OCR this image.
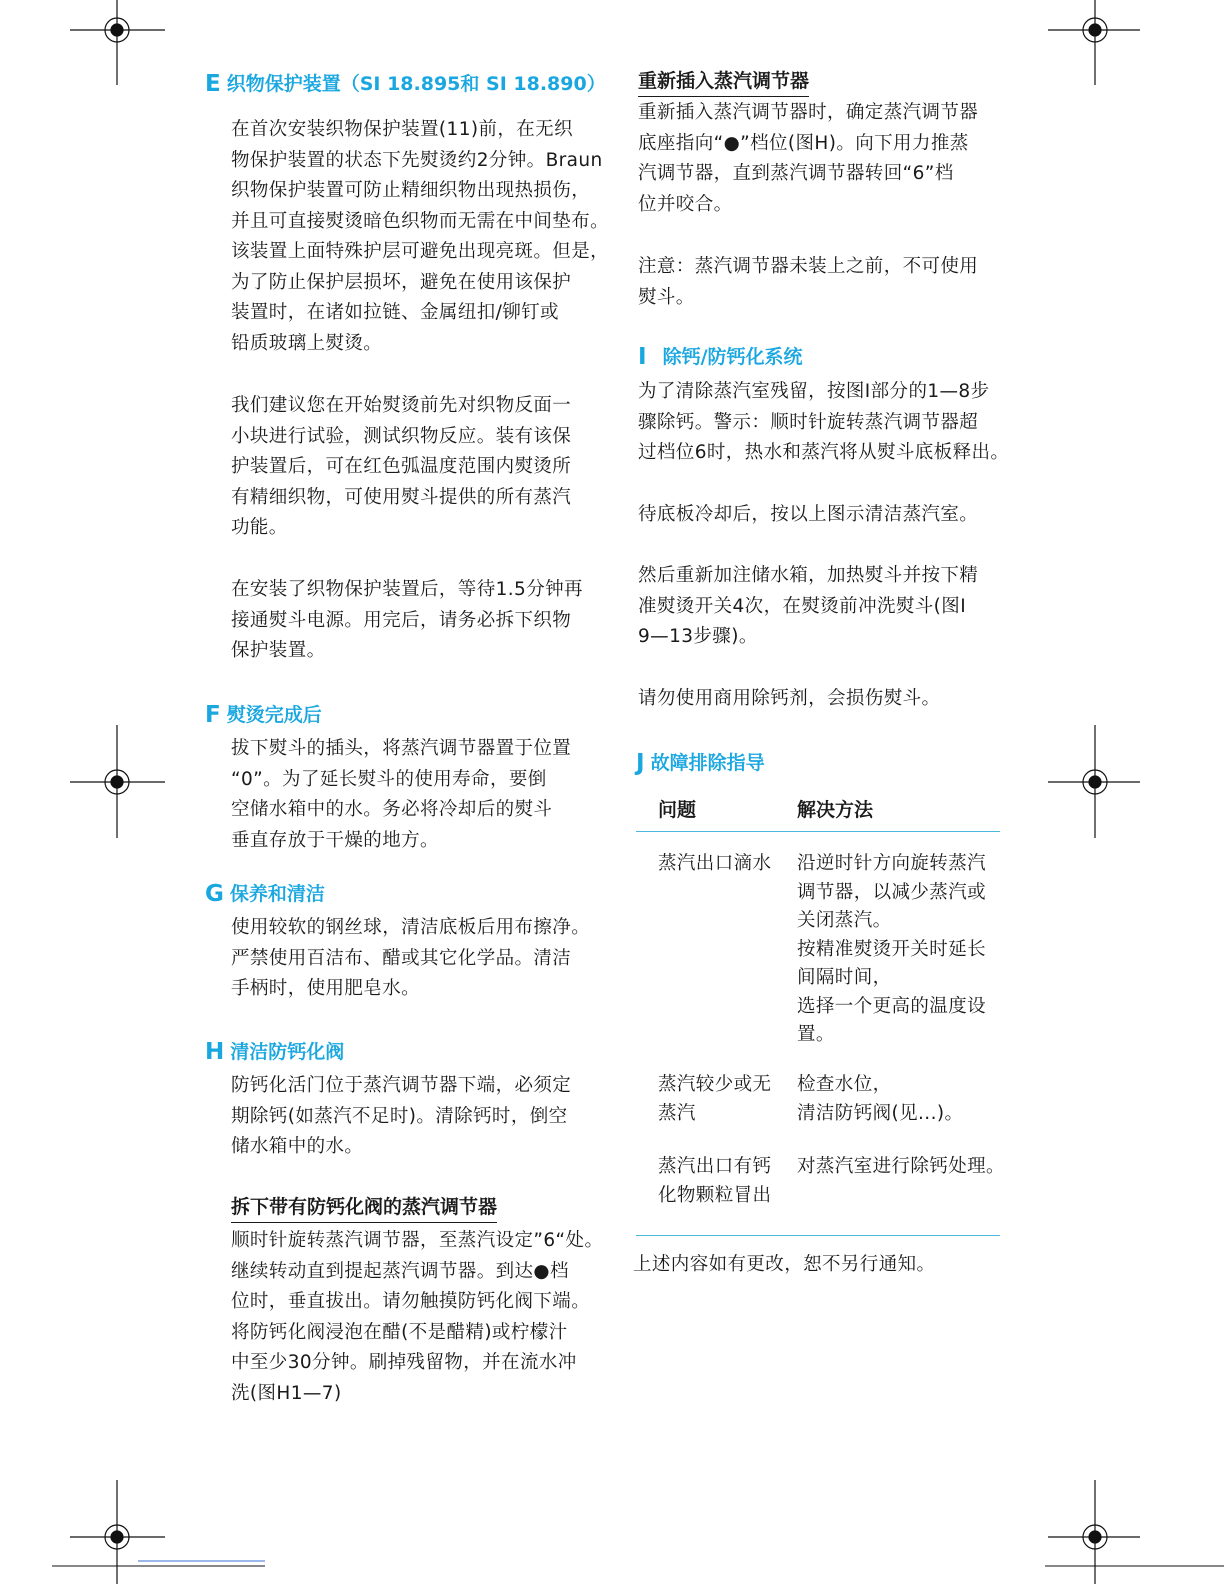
E 织物保护装置（SI 18.895和 SI 18.890）
在首次安装织物保护装置(11)前，在无织
物保护装置的状态下先熨烫约2分钟。Braun
织物保护装置可防止精细织物出现热损伤，
并且可直接熨烫暗色织物而无需在中间垫布。
该装置上面特殊护层可避免出现亮斑。但是，
为了防止保护层损坏，避免在使用该保护
装置时，在诸如拉链、金属纽扣/铆钉或
铅质玻璃上熨烫。
我们建议您在开始熨烫前先对织物反面一
小块进行试验，测试织物反应。装有该保
护装置后，可在红色弧温度范围内熨烫所
有精细织物，可使用熨斗提供的所有蒸汽
功能。
在安装了织物保护装置后，等待1.5分钟再
接通熨斗电源。用完后，请务必拆下织物
保护装置。
F 熨烫完成后
拔下熨斗的插头，将蒸汽调节器置于位置
“0”。为了延长熨斗的使用寿命，要倒
空储水箱中的水。务必将冷却后的熨斗
垂直存放于干燥的地方。
G 保养和清洁
使用较软的钢丝球，清洁底板后用布擦净。
严禁使用百洁布、醋或其它化学品。清洁
手柄时，使用肥皂水。
H 清洁防钙化阀
防钙化活门位于蒸汽调节器下端，必须定
期除钙(如蒸汽不足时)。清除钙时，倒空
储水箱中的水。
拆下带有防钙化阀的蒸汽调节器
顺时针旋转蒸汽调节器，至蒸汽设定”6“处。
继续转动直到提起蒸汽调节器。到达●档
位时，垂直拔出。请勿触摸防钙化阀下端。
将防钙化阀浸泡在醋(不是醋精)或柠檬汁
中至少30分钟。刷掉残留物，并在流水冲
洗(图H1—7)
重新插入蒸汽调节器
重新插入蒸汽调节器时，确定蒸汽调节器
底座指向“●”档位(图H)。向下用力推蒸
汽调节器，直到蒸汽调节器转回“6”档
位并咬合。
注意：蒸汽调节器未装上之前，不可使用
熨斗。
I 除钙/防钙化系统
为了清除蒸汽室残留，按图I部分的1—8步
骤除钙。警示：顺时针旋转蒸汽调节器超
过档位6时，热水和蒸汽将从熨斗底板释出。
待底板冷却后，按以上图示清洁蒸汽室。
然后重新加注储水箱，加热熨斗并按下精
准熨烫开关4次，在熨烫前冲洗熨斗(图I
9—13步骤)。
请勿使用商用除钙剂，会损伤熨斗。
J 故障排除指导
问题	解决方法
蒸汽出口滴水 沿逆时针方向旋转蒸汽
调节器，以减少蒸汽或
关闭蒸汽。
按精准熨烫开关时延长
间隔时间，
选择一个更高的温度设
置。
蒸汽较少或无
蒸汽
检查水位，
清洁防钙阀(见...)。
蒸汽出口有钙
化物颗粒冒出
对蒸汽室进行除钙处理。
上述内容如有更改，恕不另行通知。
